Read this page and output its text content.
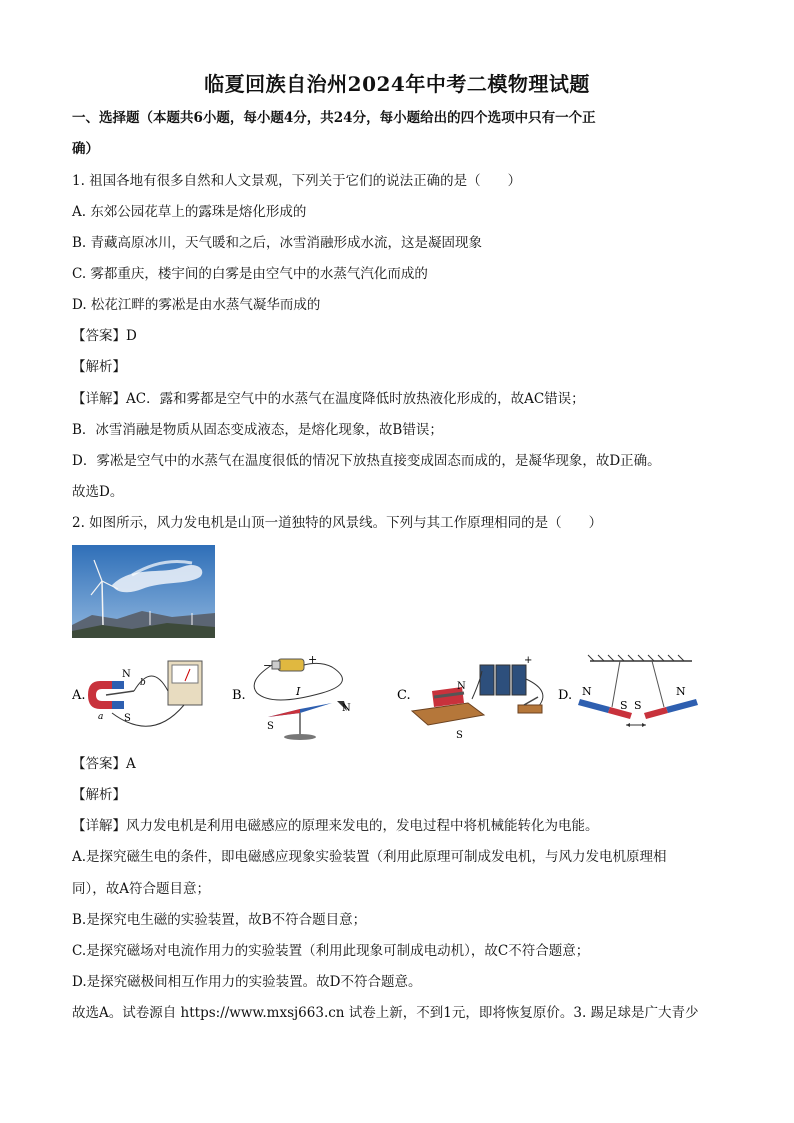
临夏回族自治州2024年中考二模物理试题
一、选择题（本题共6小题，每小题4分，共24分，每小题给出的四个选项中只有一个正
确）
1. 祖国各地有很多自然和人文景观，下列关于它们的说法正确的是（　　）
A. 东郊公园花草上的露珠是熔化形成的
B. 青藏高原冰川，天气暖和之后，冰雪消融形成水流，这是凝固现象
C. 雾都重庆，楼宇间的白雾是由空气中的水蒸气汽化而成的
D. 松花江畔的雾凇是由水蒸气凝华而成的
【答案】D
【解析】
【详解】AC．露和雾都是空气中的水蒸气在温度降低时放热液化形成的，故AC错误；
B．冰雪消融是物质从固态变成液态，是熔化现象，故B错误；
D．雾凇是空气中的水蒸气在温度很低的情况下放热直接变成固态而成的，是凝华现象，故D正确。
故选D。
2. 如图所示，风力发电机是山顶一道独特的风景线。下列与其工作原理相同的是（　　）
A.
N
S
a
b
B.
−	+
I
S
N
C.
N
S
+
D. N
S S
N
【答案】A
【解析】
【详解】风力发电机是利用电磁感应的原理来发电的，发电过程中将机械能转化为电能。
A.是探究磁生电的条件，即电磁感应现象实验装置（利用此原理可制成发电机，与风力发电机原理相
同），故A符合题目意；
B.是探究电生磁的实验装置，故B不符合题目意；
C.是探究磁场对电流作用力的实验装置（利用此现象可制成电动机），故C不符合题意；
D.是探究磁极间相互作用力的实验装置。故D不符合题意。
故选A。试卷源自 https://www.mxsj663.cn 试卷上新，不到1元，即将恢复原价。3. 踢足球是广大青少
